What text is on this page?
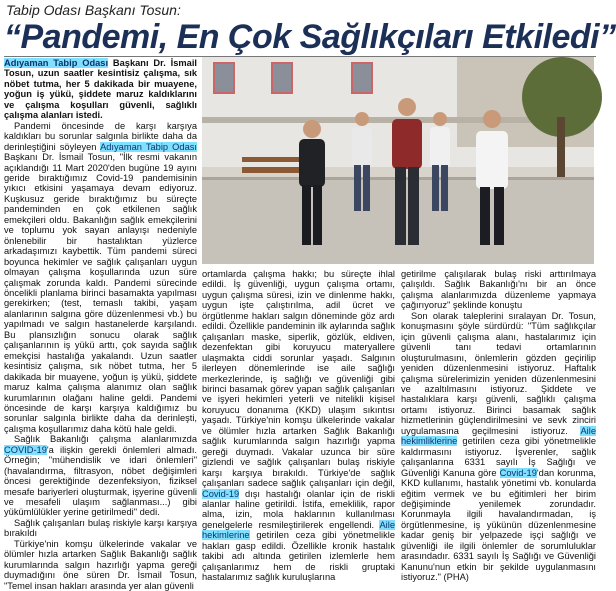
Tabip Odası Başkanı Tosun:
“Pandemi, En Çok Sağlıkçıları Etkiledi”

Adıyaman Tabip Odası Başkanı Dr. İsmail Tosun, uzun saatler kesintisiz çalışma, sık nöbet tutma, her 5 dakikada bir muayene, yoğun iş yükü, şiddete maruz kaldıklarını ve çalışma koşulları güvenli, sağlıklı çalışma alanları istedi.

Pandemi öncesinde de karşı karşıya kaldıkları bu sorunlar salgınla birlikte daha da derinleştiğini söyleyen Adıyaman Tabip Odası Başkanı Dr. İsmail Tosun, "İlk resmi vakanın açıklandığı 11 Mart 2020'den bugüne 19 ayını geride bıraktığımız Covid-19 pandemisinin yıkıcı etkisini yaşamaya devam ediyoruz. Kuşkusuz geride bıraktığımız bu süreçte pandeminden en çok etkilenen sağlık emekçileri oldu. Bakanlığın sağlık emekçilerini ve toplumu yok sayan anlayışı nedeniyle önlenebilir bir hastalıktan yüzlerce arkadaşımızı kaybettik. Tüm pandemi süreci boyunca hekimler ve sağlık çalışanları uygun olmayan çalışma koşullarında uzun süre çalışmak zorunda kaldı. Pandemi sürecinde öncelikli planlama birinci basamakta yapılması gerekirken; (test, temaslı takibi, yaşam alanlarının salgına göre düzenlenmesi vb.) bu yapılmadı ve salgın hastanelerde karşılandı. Bu plansızlığın sonucu olarak sağlık çalışanlarının iş yükü arttı, çok sayıda sağlık emekçisi hastalığa yakalandı. Uzun saatler kesintisiz çalışma, sık nöbet tutma, her 5 dakikada bir muayene, yoğun iş yükü, şiddete maruz kalma çalışma alanımız olan sağlık kurumlarının olağanı haline geldi. Pandemi öncesinde de karşı karşıya kaldığımız bu sorunlar salgınla birlikte daha da derinleşti, çalışma koşullarımız daha kötü hale geldi.

Sağlık Bakanlığı çalışma alanlarımızda COVID-19'a ilişkin gerekli önlemleri almadı. Örneğin; "mühendislik ve idari önlemleri" (havalandırma, filtrasyon, nöbet değişimleri öncesi gerektiğinde dezenfeksiyon, fiziksel mesafe bariyerleri oluşturmak, işyerine güvenli ve mesafeli ulaşım sağlanması...) gibi yükümlülükler yerine getirilmedi" dedi.

Sağlık çalışanları bulaş riskiyle karşı karşıya bırakıldı

Türkiye'nin komşu ülkelerinde vakalar ve ölümler hızla artarken Sağlık Bakanlığı sağlık kurumlarında salgın hazırlığı yapma gereği duymadığını öne süren Dr. İsmail Tosun, "Temel insan hakları arasında yer alan güvenli

ortamlarda çalışma hakkı; bu süreçte ihlal edildi. İş güvenliği, uygun çalışma ortamı, uygun çalışma süresi, izin ve dinlenme hakkı, uygun işte çalıştırılma, adil ücret ve örgütlenme hakları salgın döneminde göz ardı edildi. Özellikle pandeminin ilk aylarında sağlık çalışanları maske, siperlik, gözlük, eldiven, dezenfektan gibi koruyucu materyallere ulaşmakta ciddi sorunlar yaşadı. Salgının ilerleyen dönemlerinde ise aile sağlığı merkezlerinde, iş sağlığı ve güvenliği gibi birinci basamak görev yapan sağlık çalışanları ve işyeri hekimleri yeterli ve nitelikli kişisel koruyucu donanıma (KKD) ulaşım sıkıntısı yaşadı. Türkiye'nin komşu ülkelerinde vakalar ve ölümler hızla artarken Sağlık Bakanlığı sağlık kurumlarında salgın hazırlığı yapma gereği duymadı. Vakalar uzunca bir süre gizlendi ve sağlık çalışanları bulaş riskiyle karşı karşıya bırakıldı. Türkiye'de sağlık çalışanları sadece sağlık çalışanları için değil, Covid-19 dışı hastalığı olanlar için de riskli alanlar haline getirildi. İstifa, emeklilik, rapor alma, izin, mola haklarının kullanılması genelgelerle resmileştirilerek engellendi. Aile hekimlerine getirilen ceza gibi yönetmelikle hakları gasp edildi. Özellikle kronik hastalık takibi adı altında getirilen izlemlerle hem çalışanlarımız hem de riskli gruptaki hastalarımız sağlık kuruluşlarına

getirilme çalışılarak bulaş riski arttırılmaya çalışıldı. Sağlık Bakanlığı'nı bir an önce çalışma alanlarımızda düzenleme yapmaya çağırıyoruz" şeklinde konuştu

Son olarak taleplerini sıralayan Dr. Tosun, konuşmasını şöyle sürdürdü: "Tüm sağlıkçılar için güvenli çalışma alanı, hastalarımız için güvenli tanı tedavi ortamlarının oluşturulmasını, önlemlerin gözden geçirilip yeniden düzenlenmesini istiyoruz. Haftalık çalışma sürelerimizin yeniden düzenlenmesini ve azaltılmasını istiyoruz. Şiddete ve hastalıklara karşı güvenli, sağlıklı çalışma ortamı istiyoruz. Birinci basamak sağlık hizmetlerinin güçlendirilmesini ve sevk zinciri uygulamasına geçilmesini istiyoruz. Aile hekimliklerine getirilen ceza gibi yönetmelikle kaldırmasını istiyoruz. İşverenler, sağlık çalışanlarına 6331 sayılı İş Sağlığı ve Güvenliği Kanuna göre Covid-19'dan korunma, KKD kullanımı, hastalık yönetimi vb. konularda eğitim vermek ve bu eğitimleri her birim değişiminde yenilemek zorundadır. Korunmayla ilgili havalandırmadan, iş örgütlenmesine, iş yükünün düzenlenmesine kadar geniş bir yelpazede işçi sağlığı ve güvenliği ile ilgili önlemler de sorumluluklar arasındadır. 6331 sayılı İş Sağlığı ve Güvenliği Kanunu'nun etkin bir şekilde uygulanmasını istiyoruz." (PHA)
